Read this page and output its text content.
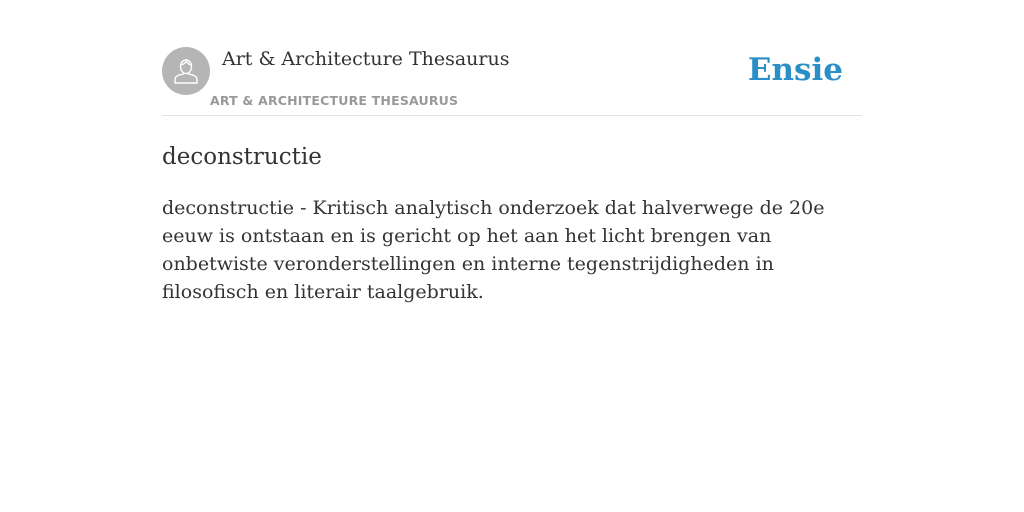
Art & Architecture Thesaurus
ART & ARCHITECTURE THESAURUS
Ensie
deconstructie

deconstructie - Kritisch analytisch onderzoek dat halverwege de 20e eeuw is ontstaan en is gericht op het aan het licht brengen van onbetwiste veronderstellingen en interne tegenstrijdigheden in filosofisch en literair taalgebruik.
